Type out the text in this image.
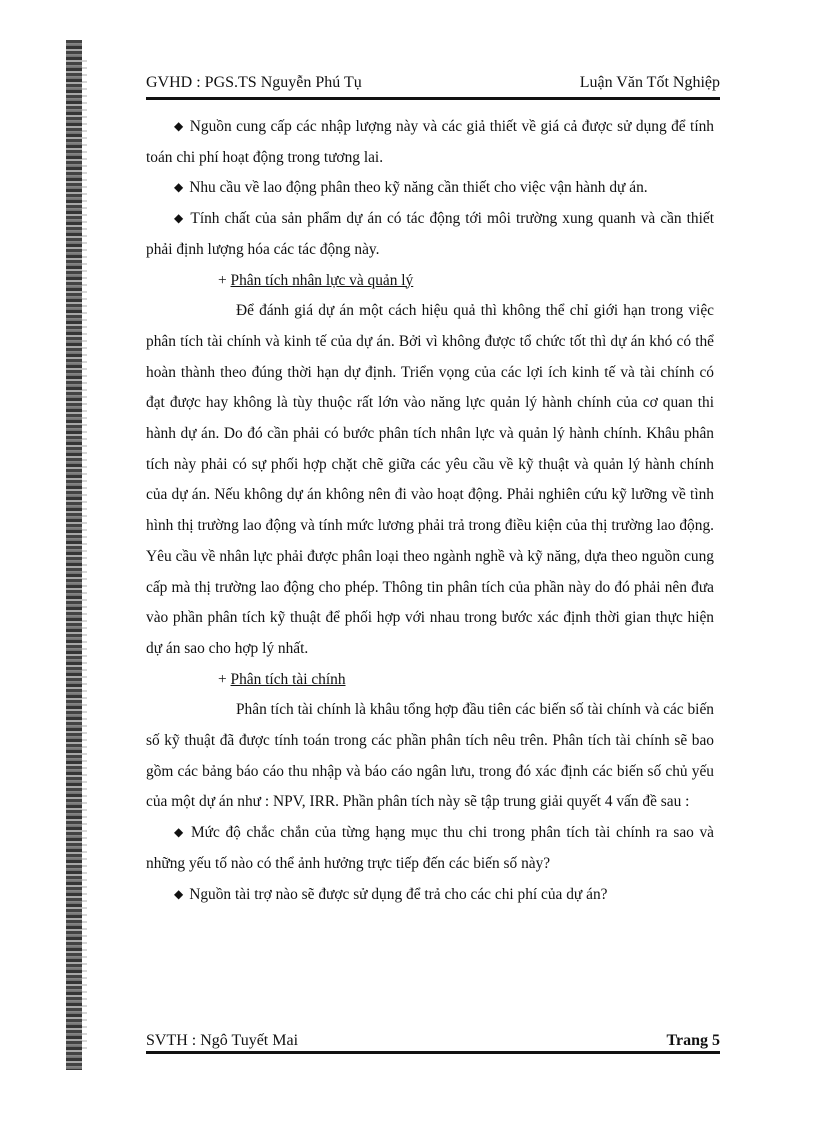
GVHD : PGS.TS Nguyễn Phú Tụ	Luận Văn Tốt Nghiệp

◆ Nguồn cung cấp các nhập lượng này và các giả thiết về giá cả được sử dụng để tính toán chi phí hoạt động trong tương lai.

◆ Nhu cầu về lao động phân theo kỹ năng cần thiết cho việc vận hành dự án.

◆ Tính chất của sản phẩm dự án có tác động tới môi trường xung quanh và cần thiết phải định lượng hóa các tác động này.

+ Phân tích nhân lực và quản lý

Để đánh giá dự án một cách hiệu quả thì không thể chỉ giới hạn trong việc phân tích tài chính và kinh tế của dự án. Bởi vì không được tổ chức tốt thì dự án khó có thể hoàn thành theo đúng thời hạn dự định. Triển vọng của các lợi ích kinh tế và tài chính có đạt được hay không là tùy thuộc rất lớn vào năng lực quản lý hành chính của cơ quan thi hành dự án. Do đó cần phải có bước phân tích nhân lực và quản lý hành chính. Khâu phân tích này phải có sự phối hợp chặt chẽ giữa các yêu cầu về kỹ thuật và quản lý hành chính của dự án. Nếu không dự án không nên đi vào hoạt động. Phải nghiên cứu kỹ lưỡng về tình hình thị trường lao động và tính mức lương phải trả trong điều kiện của thị trường lao động. Yêu cầu về nhân lực phải được phân loại theo ngành nghề và kỹ năng, dựa theo nguồn cung cấp mà thị trường lao động cho phép. Thông tin phân tích của phần này do đó phải nên đưa vào phần phân tích kỹ thuật để phối hợp với nhau trong bước xác định thời gian thực hiện dự án sao cho hợp lý nhất.

+ Phân tích tài chính

Phân tích tài chính là khâu tổng hợp đầu tiên các biến số tài chính và các biến số kỹ thuật đã được tính toán trong các phần phân tích nêu trên. Phân tích tài chính sẽ bao gồm các bảng báo cáo thu nhập và báo cáo ngân lưu, trong đó xác định các biến số chủ yếu của một dự án như : NPV, IRR. Phần phân tích này sẽ tập trung giải quyết 4 vấn đề sau :

◆ Mức độ chắc chắn của từng hạng mục thu chi trong phân tích tài chính ra sao và những yếu tố nào có thể ảnh hưởng trực tiếp đến các biến số này?

◆ Nguồn tài trợ nào sẽ được sử dụng để trả cho các chi phí của dự án?

SVTH : Ngô Tuyết Mai	Trang 5
